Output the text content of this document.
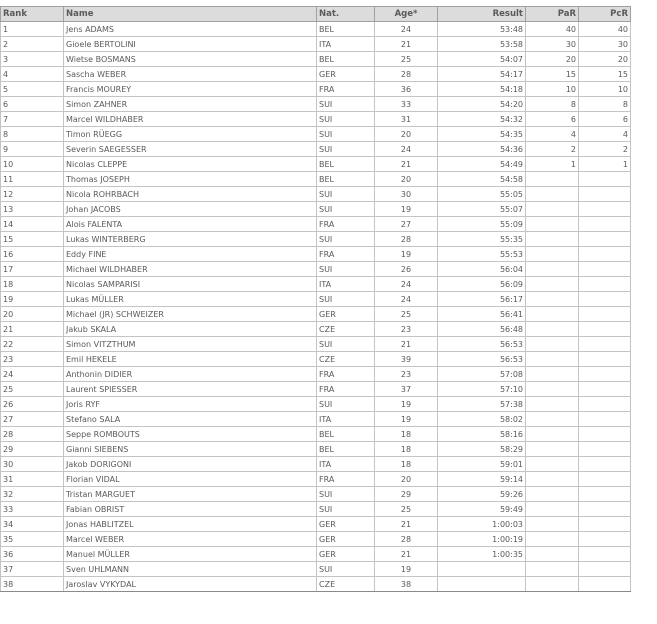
Rank	Name	Nat.	Age*	Result	PaR	PcR
1	Jens ADAMS	BEL	24	53:48	40	40
2	Gioele BERTOLINI	ITA	21	53:58	30	30
3	Wietse BOSMANS	BEL	25	54:07	20	20
4	Sascha WEBER	GER	28	54:17	15	15
5	Francis MOUREY	FRA	36	54:18	10	10
6	Simon ZAHNER	SUI	33	54:20	8	8
7	Marcel WILDHABER	SUI	31	54:32	6	6
8	Timon RÜEGG	SUI	20	54:35	4	4
9	Severin SAEGESSER	SUI	24	54:36	2	2
10	Nicolas CLEPPE	BEL	21	54:49	1	1
11	Thomas JOSEPH	BEL	20	54:58		
12	Nicola ROHRBACH	SUI	30	55:05		
13	Johan JACOBS	SUI	19	55:07		
14	Alois FALENTA	FRA	27	55:09		
15	Lukas WINTERBERG	SUI	28	55:35		
16	Eddy FINE	FRA	19	55:53		
17	Michael WILDHABER	SUI	26	56:04		
18	Nicolas SAMPARISI	ITA	24	56:09		
19	Lukas MÜLLER	SUI	24	56:17		
20	Michael (JR) SCHWEIZER	GER	25	56:41		
21	Jakub SKALA	CZE	23	56:48		
22	Simon VITZTHUM	SUI	21	56:53		
23	Emil HEKELE	CZE	39	56:53		
24	Anthonin DIDIER	FRA	23	57:08		
25	Laurent SPIESSER	FRA	37	57:10		
26	Joris RYF	SUI	19	57:38		
27	Stefano SALA	ITA	19	58:02		
28	Seppe ROMBOUTS	BEL	18	58:16		
29	Gianni SIEBENS	BEL	18	58:29		
30	Jakob DORIGONI	ITA	18	59:01		
31	Florian VIDAL	FRA	20	59:14		
32	Tristan MARGUET	SUI	29	59:26		
33	Fabian OBRIST	SUI	25	59:49		
34	Jonas HABLITZEL	GER	21	1:00:03		
35	Marcel WEBER	GER	28	1:00:19		
36	Manuel MÜLLER	GER	21	1:00:35		
37	Sven UHLMANN	SUI	19			
38	Jaroslav VYKYDAL	CZE	38			
